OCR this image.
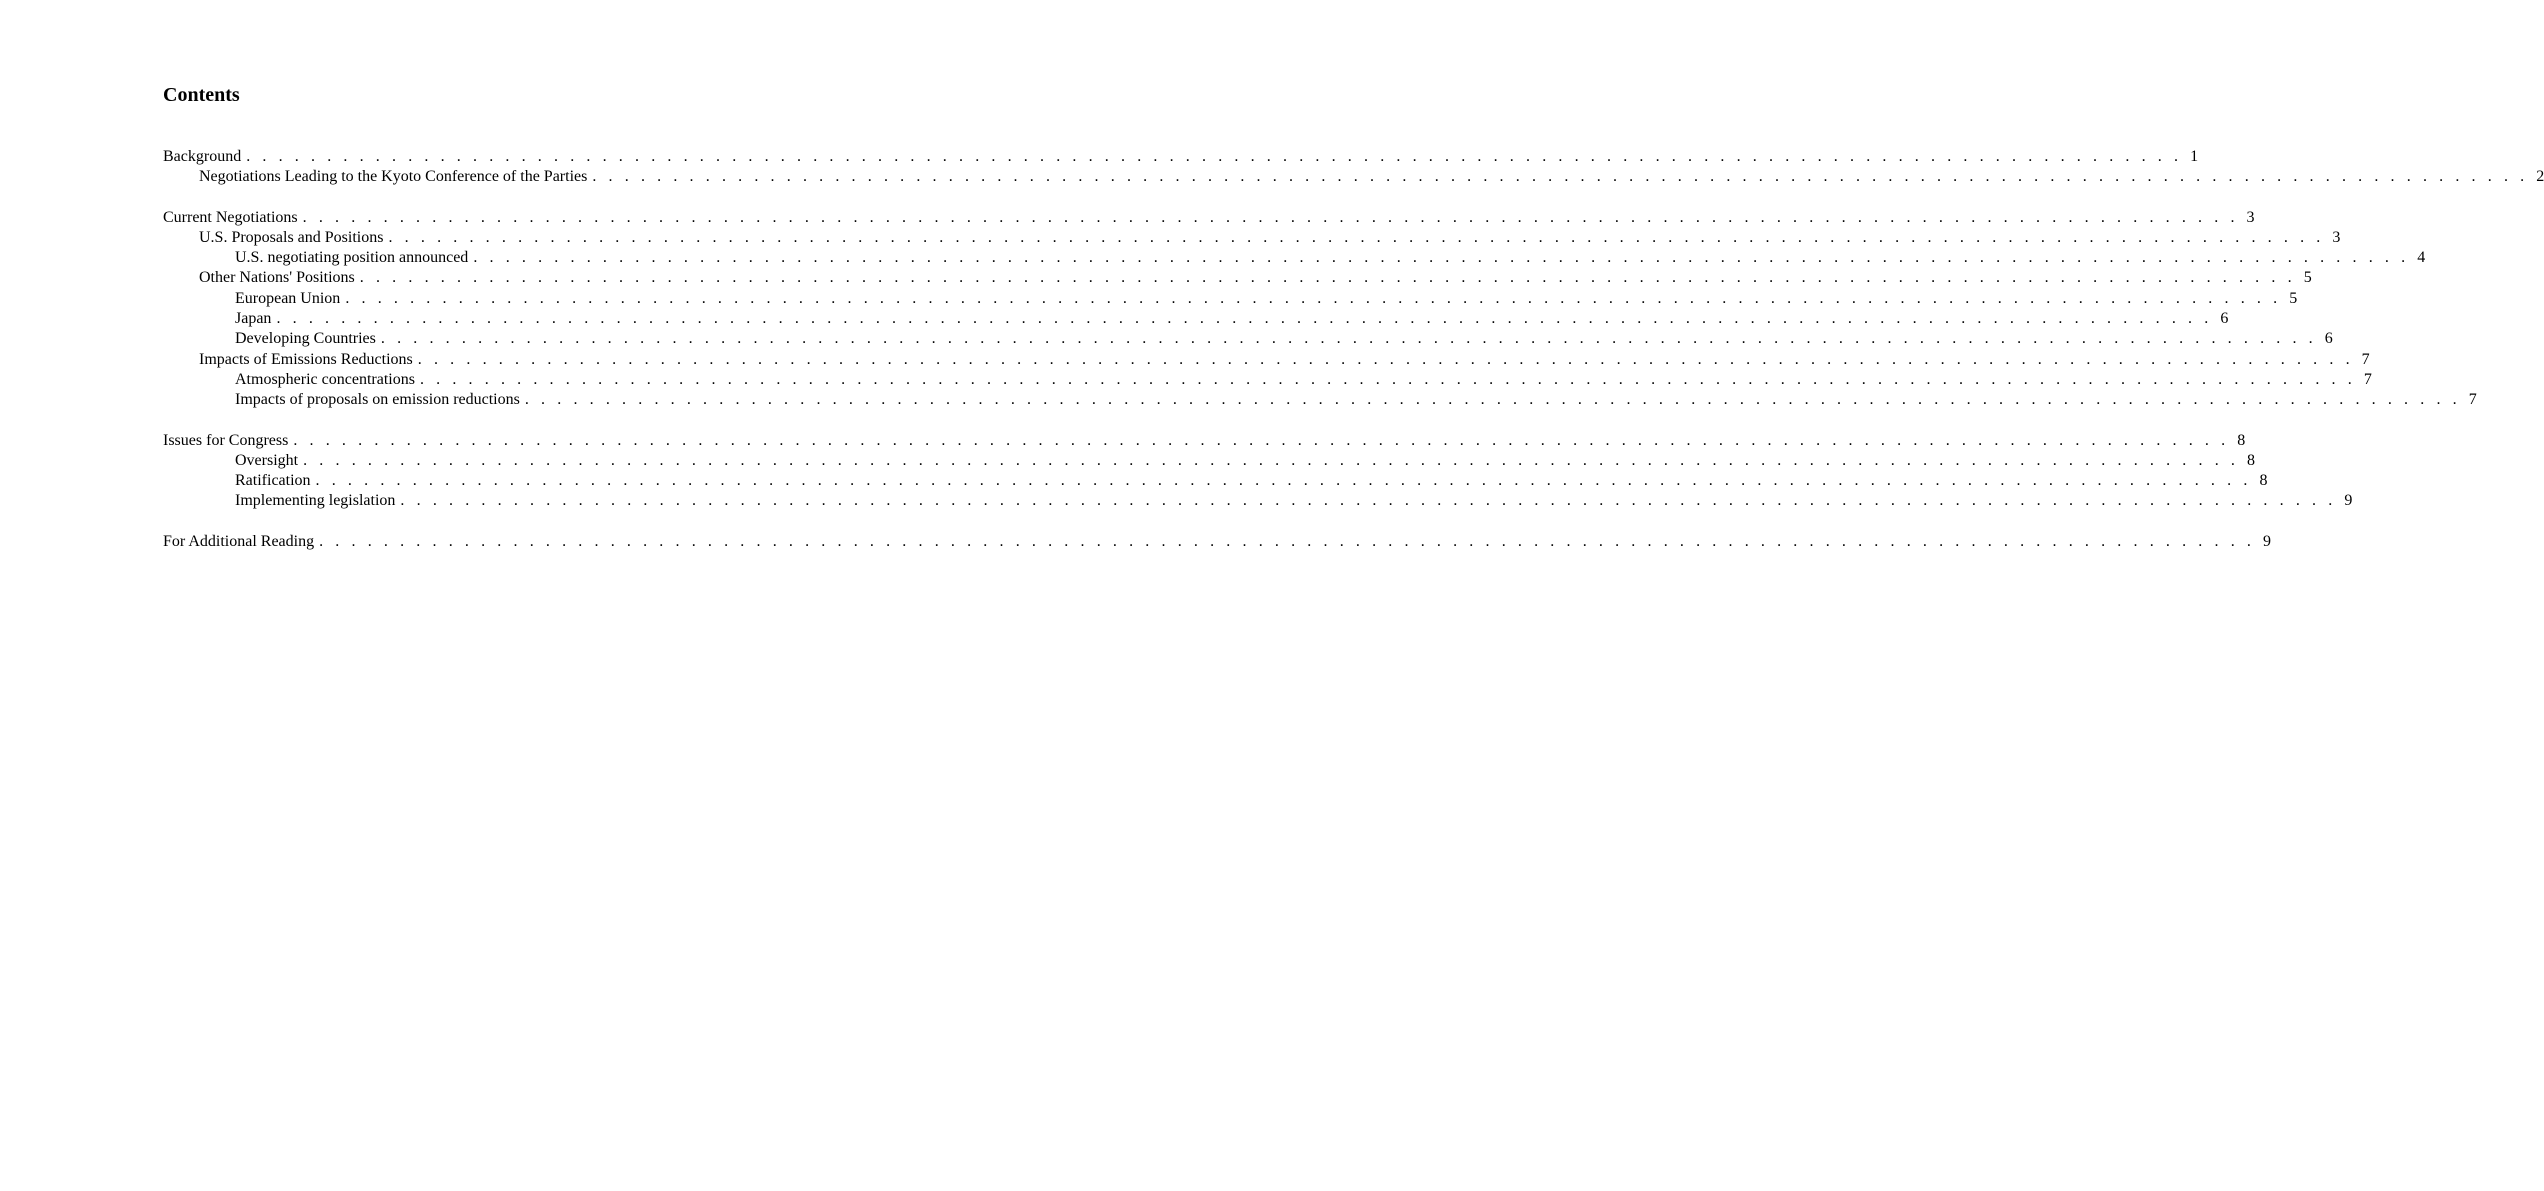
Contents
Background . . . . . . . . . . . . . . . . . . . . . . . . . . . . . . . . . . . . . . . . . . . . . . . . . . . . . . . . . . . . . . . . . . . . . . . . . . . . . . . . . . . . . . . . . . . . . . . . . . . . . . . . . . . . . . . . . . . . . . . . 1
Negotiations Leading to the Kyoto Conference of the Parties . . . . . . . . . . . . . . . . . . . . . . . . . . . . . . . . . . . . . . . . . . . . . . . . . . . . . . . . . . . . . . . . . . . . . . . . . . . . . . . . . . . . . . . . . . . . . . . . . . . . . . . . . . . . . . . . . . . . . . . . 2
Current Negotiations . . . . . . . . . . . . . . . . . . . . . . . . . . . . . . . . . . . . . . . . . . . . . . . . . . . . . . . . . . . . . . . . . . . . . . . . . . . . . . . . . . . . . . . . . . . . . . . . . . . . . . . . . . . . . . . . . . . . . . . . 3
U.S. Proposals and Positions . . . . . . . . . . . . . . . . . . . . . . . . . . . . . . . . . . . . . . . . . . . . . . . . . . . . . . . . . . . . . . . . . . . . . . . . . . . . . . . . . . . . . . . . . . . . . . . . . . . . . . . . . . . . . . . . . . . . . . . . 3
U.S. negotiating position announced . . . . . . . . . . . . . . . . . . . . . . . . . . . . . . . . . . . . . . . . . . . . . . . . . . . . . . . . . . . . . . . . . . . . . . . . . . . . . . . . . . . . . . . . . . . . . . . . . . . . . . . . . . . . . . . . . . . . . . . . 4
Other Nations' Positions . . . . . . . . . . . . . . . . . . . . . . . . . . . . . . . . . . . . . . . . . . . . . . . . . . . . . . . . . . . . . . . . . . . . . . . . . . . . . . . . . . . . . . . . . . . . . . . . . . . . . . . . . . . . . . . . . . . . . . . . 5
European Union . . . . . . . . . . . . . . . . . . . . . . . . . . . . . . . . . . . . . . . . . . . . . . . . . . . . . . . . . . . . . . . . . . . . . . . . . . . . . . . . . . . . . . . . . . . . . . . . . . . . . . . . . . . . . . . . . . . . . . . . 5
Japan . . . . . . . . . . . . . . . . . . . . . . . . . . . . . . . . . . . . . . . . . . . . . . . . . . . . . . . . . . . . . . . . . . . . . . . . . . . . . . . . . . . . . . . . . . . . . . . . . . . . . . . . . . . . . . . . . . . . . . . . 6
Developing Countries . . . . . . . . . . . . . . . . . . . . . . . . . . . . . . . . . . . . . . . . . . . . . . . . . . . . . . . . . . . . . . . . . . . . . . . . . . . . . . . . . . . . . . . . . . . . . . . . . . . . . . . . . . . . . . . . . . . . . . . . 6
Impacts of Emissions Reductions . . . . . . . . . . . . . . . . . . . . . . . . . . . . . . . . . . . . . . . . . . . . . . . . . . . . . . . . . . . . . . . . . . . . . . . . . . . . . . . . . . . . . . . . . . . . . . . . . . . . . . . . . . . . . . . . . . . . . . . . 7
Atmospheric concentrations . . . . . . . . . . . . . . . . . . . . . . . . . . . . . . . . . . . . . . . . . . . . . . . . . . . . . . . . . . . . . . . . . . . . . . . . . . . . . . . . . . . . . . . . . . . . . . . . . . . . . . . . . . . . . . . . . . . . . . . . 7
Impacts of proposals on emission reductions . . . . . . . . . . . . . . . . . . . . . . . . . . . . . . . . . . . . . . . . . . . . . . . . . . . . . . . . . . . . . . . . . . . . . . . . . . . . . . . . . . . . . . . . . . . . . . . . . . . . . . . . . . . . . . . . . . . . . . . . 7
Issues for Congress . . . . . . . . . . . . . . . . . . . . . . . . . . . . . . . . . . . . . . . . . . . . . . . . . . . . . . . . . . . . . . . . . . . . . . . . . . . . . . . . . . . . . . . . . . . . . . . . . . . . . . . . . . . . . . . . . . . . . . . . 8
Oversight . . . . . . . . . . . . . . . . . . . . . . . . . . . . . . . . . . . . . . . . . . . . . . . . . . . . . . . . . . . . . . . . . . . . . . . . . . . . . . . . . . . . . . . . . . . . . . . . . . . . . . . . . . . . . . . . . . . . . . . . 8
Ratification . . . . . . . . . . . . . . . . . . . . . . . . . . . . . . . . . . . . . . . . . . . . . . . . . . . . . . . . . . . . . . . . . . . . . . . . . . . . . . . . . . . . . . . . . . . . . . . . . . . . . . . . . . . . . . . . . . . . . . . . 8
Implementing legislation . . . . . . . . . . . . . . . . . . . . . . . . . . . . . . . . . . . . . . . . . . . . . . . . . . . . . . . . . . . . . . . . . . . . . . . . . . . . . . . . . . . . . . . . . . . . . . . . . . . . . . . . . . . . . . . . . . . . . . . . 9
For Additional Reading . . . . . . . . . . . . . . . . . . . . . . . . . . . . . . . . . . . . . . . . . . . . . . . . . . . . . . . . . . . . . . . . . . . . . . . . . . . . . . . . . . . . . . . . . . . . . . . . . . . . . . . . . . . . . . . . . . . . . . . . 9
